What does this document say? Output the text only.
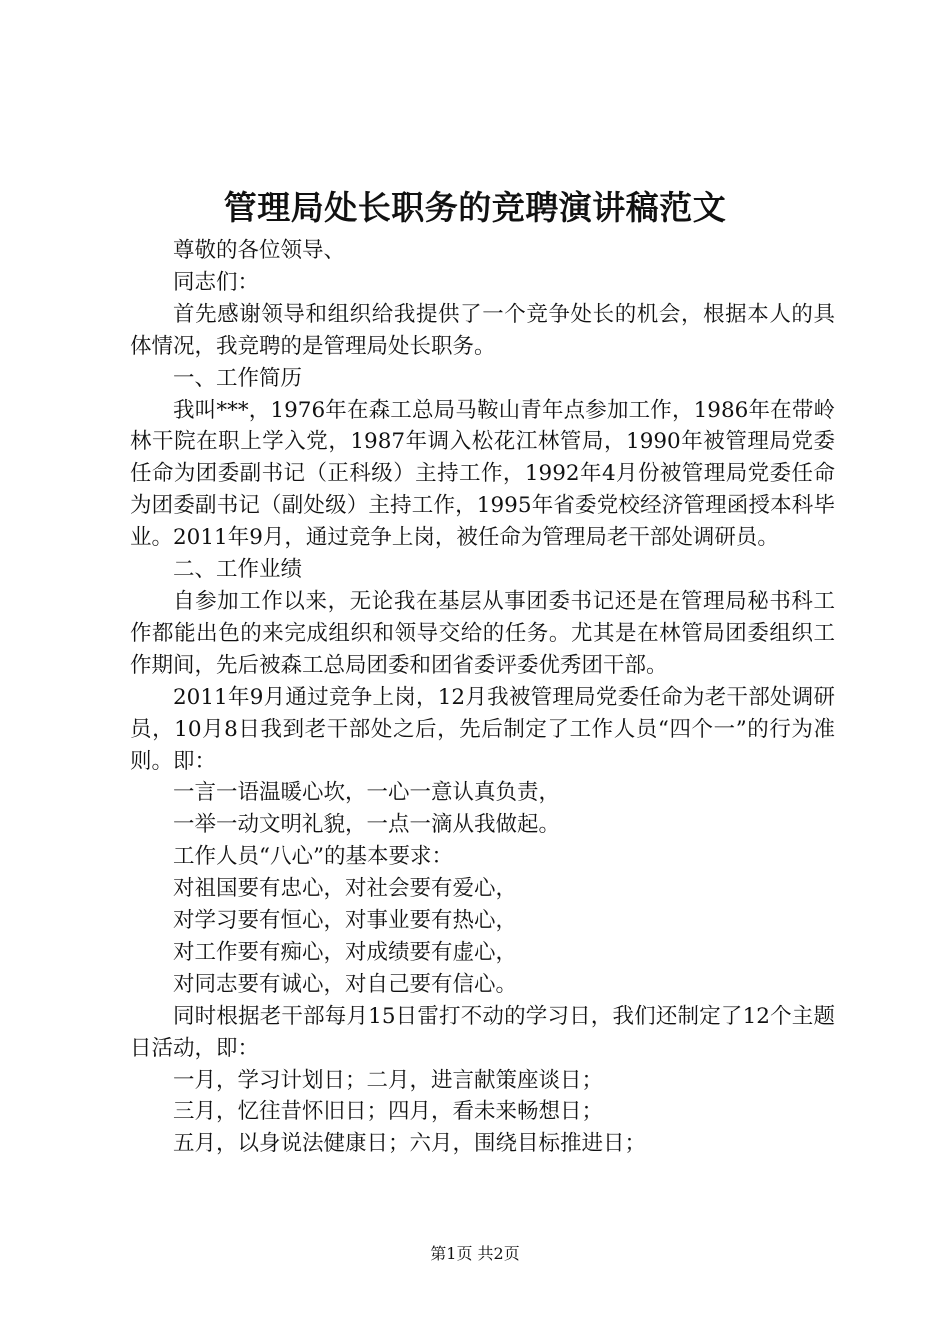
管理局处长职务的竞聘演讲稿范文

尊敬的各位领导、

同志们：

首先感谢领导和组织给我提供了一个竞争处长的机会，根据本人的具体情况，我竞聘的是管理局处长职务。

一、工作简历

我叫***，1976年在森工总局马鞍山青年点参加工作，1986年在带岭林干院在职上学入党，1987年调入松花江林管局，1990年被管理局党委任命为团委副书记（正科级）主持工作，1992年4月份被管理局党委任命为团委副书记（副处级）主持工作，1995年省委党校经济管理函授本科毕业。2011年9月，通过竞争上岗，被任命为管理局老干部处调研员。

二、工作业绩

自参加工作以来，无论我在基层从事团委书记还是在管理局秘书科工作都能出色的来完成组织和领导交给的任务。尤其是在林管局团委组织工作期间，先后被森工总局团委和团省委评委优秀团干部。

2011年9月通过竞争上岗，12月我被管理局党委任命为老干部处调研员，10月8日我到老干部处之后，先后制定了工作人员“四个一”的行为准则。即：

一言一语温暖心坎，一心一意认真负责，

一举一动文明礼貌，一点一滴从我做起。

工作人员“八心”的基本要求：

对祖国要有忠心，对社会要有爱心，

对学习要有恒心，对事业要有热心，

对工作要有痴心，对成绩要有虚心，

对同志要有诚心，对自己要有信心。

同时根据老干部每月15日雷打不动的学习日，我们还制定了12个主题日活动，即：

一月，学习计划日；二月，进言献策座谈日；

三月，忆往昔怀旧日；四月，看未来畅想日；

五月，以身说法健康日；六月，围绕目标推进日；

第1页 共2页
